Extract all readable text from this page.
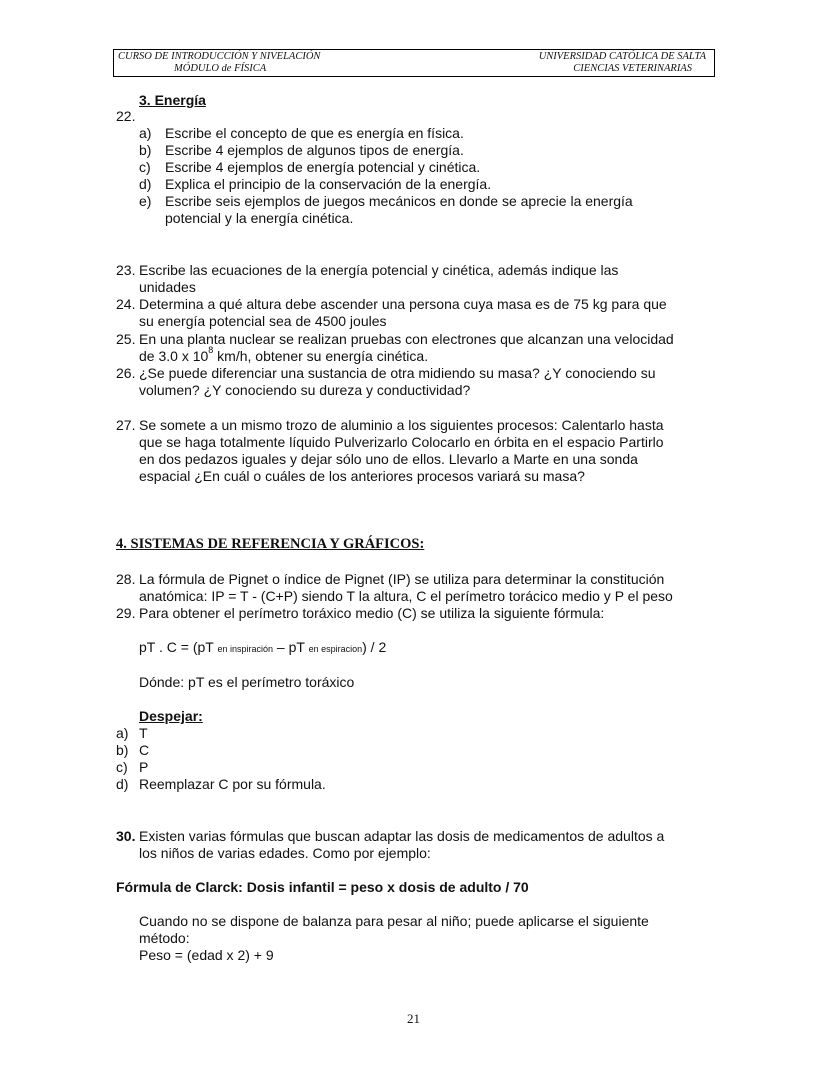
CURSO DE INTRODUCCIÓN Y NIVELACIÓN
MÓDULO de FÍSICA
UNIVERSIDAD CATÓLICA DE SALTA
CIENCIAS VETERINARIAS
3. Energía
22.
a) Escribe el concepto de que es energía en física.
b) Escribe 4 ejemplos de algunos tipos de energía.
c) Escribe 4 ejemplos de energía potencial y cinética.
d) Explica el principio de la conservación de la energía.
e) Escribe seis ejemplos de juegos mecánicos en donde se aprecie la energía
potencial y la energía cinética.
23. Escribe las ecuaciones de la energía potencial y cinética, además indique las
unidades
24. Determina a qué altura debe ascender una persona cuya masa es de 75 kg para que
su energía potencial sea de 4500 joules
25. En una planta nuclear se realizan pruebas con electrones que alcanzan una velocidad
de 3.0 x $10^8$ km/h, obtener su energía cinética.
26. ¿Se puede diferenciar una sustancia de otra midiendo su masa? ¿Y conociendo su
volumen? ¿Y conociendo su dureza y conductividad?
27. Se somete a un mismo trozo de aluminio a los siguientes procesos: Calentarlo hasta
que se haga totalmente líquido Pulverizarlo Colocarlo en órbita en el espacio Partirlo
en dos pedazos iguales y dejar sólo uno de ellos. Llevarlo a Marte en una sonda
espacial ¿En cuál o cuáles de los anteriores procesos variará su masa?
4. SISTEMAS DE REFERENCIA Y GRÁFICOS:
28. La fórmula de Pignet o índice de Pignet (IP) se utiliza para determinar la constitución
anatómica: IP = T - (C+P) siendo T la altura, C el perímetro torácico medio y P el peso
29. Para obtener el perímetro toráxico medio (C) se utiliza la siguiente fórmula:
pT . C = (pT en inspiración – pT en espiracion) / 2
Dónde: pT es el perímetro toráxico
Despejar:
a) T
b) C
c) P
d) Reemplazar C por su fórmula.
30. Existen varias fórmulas que buscan adaptar las dosis de medicamentos de adultos a
los niños de varias edades. Como por ejemplo:
Fórmula de Clarck: Dosis infantil = peso x dosis de adulto / 70
Cuando no se dispone de balanza para pesar al niño; puede aplicarse el siguiente
método:
Peso = (edad x 2) + 9
21
